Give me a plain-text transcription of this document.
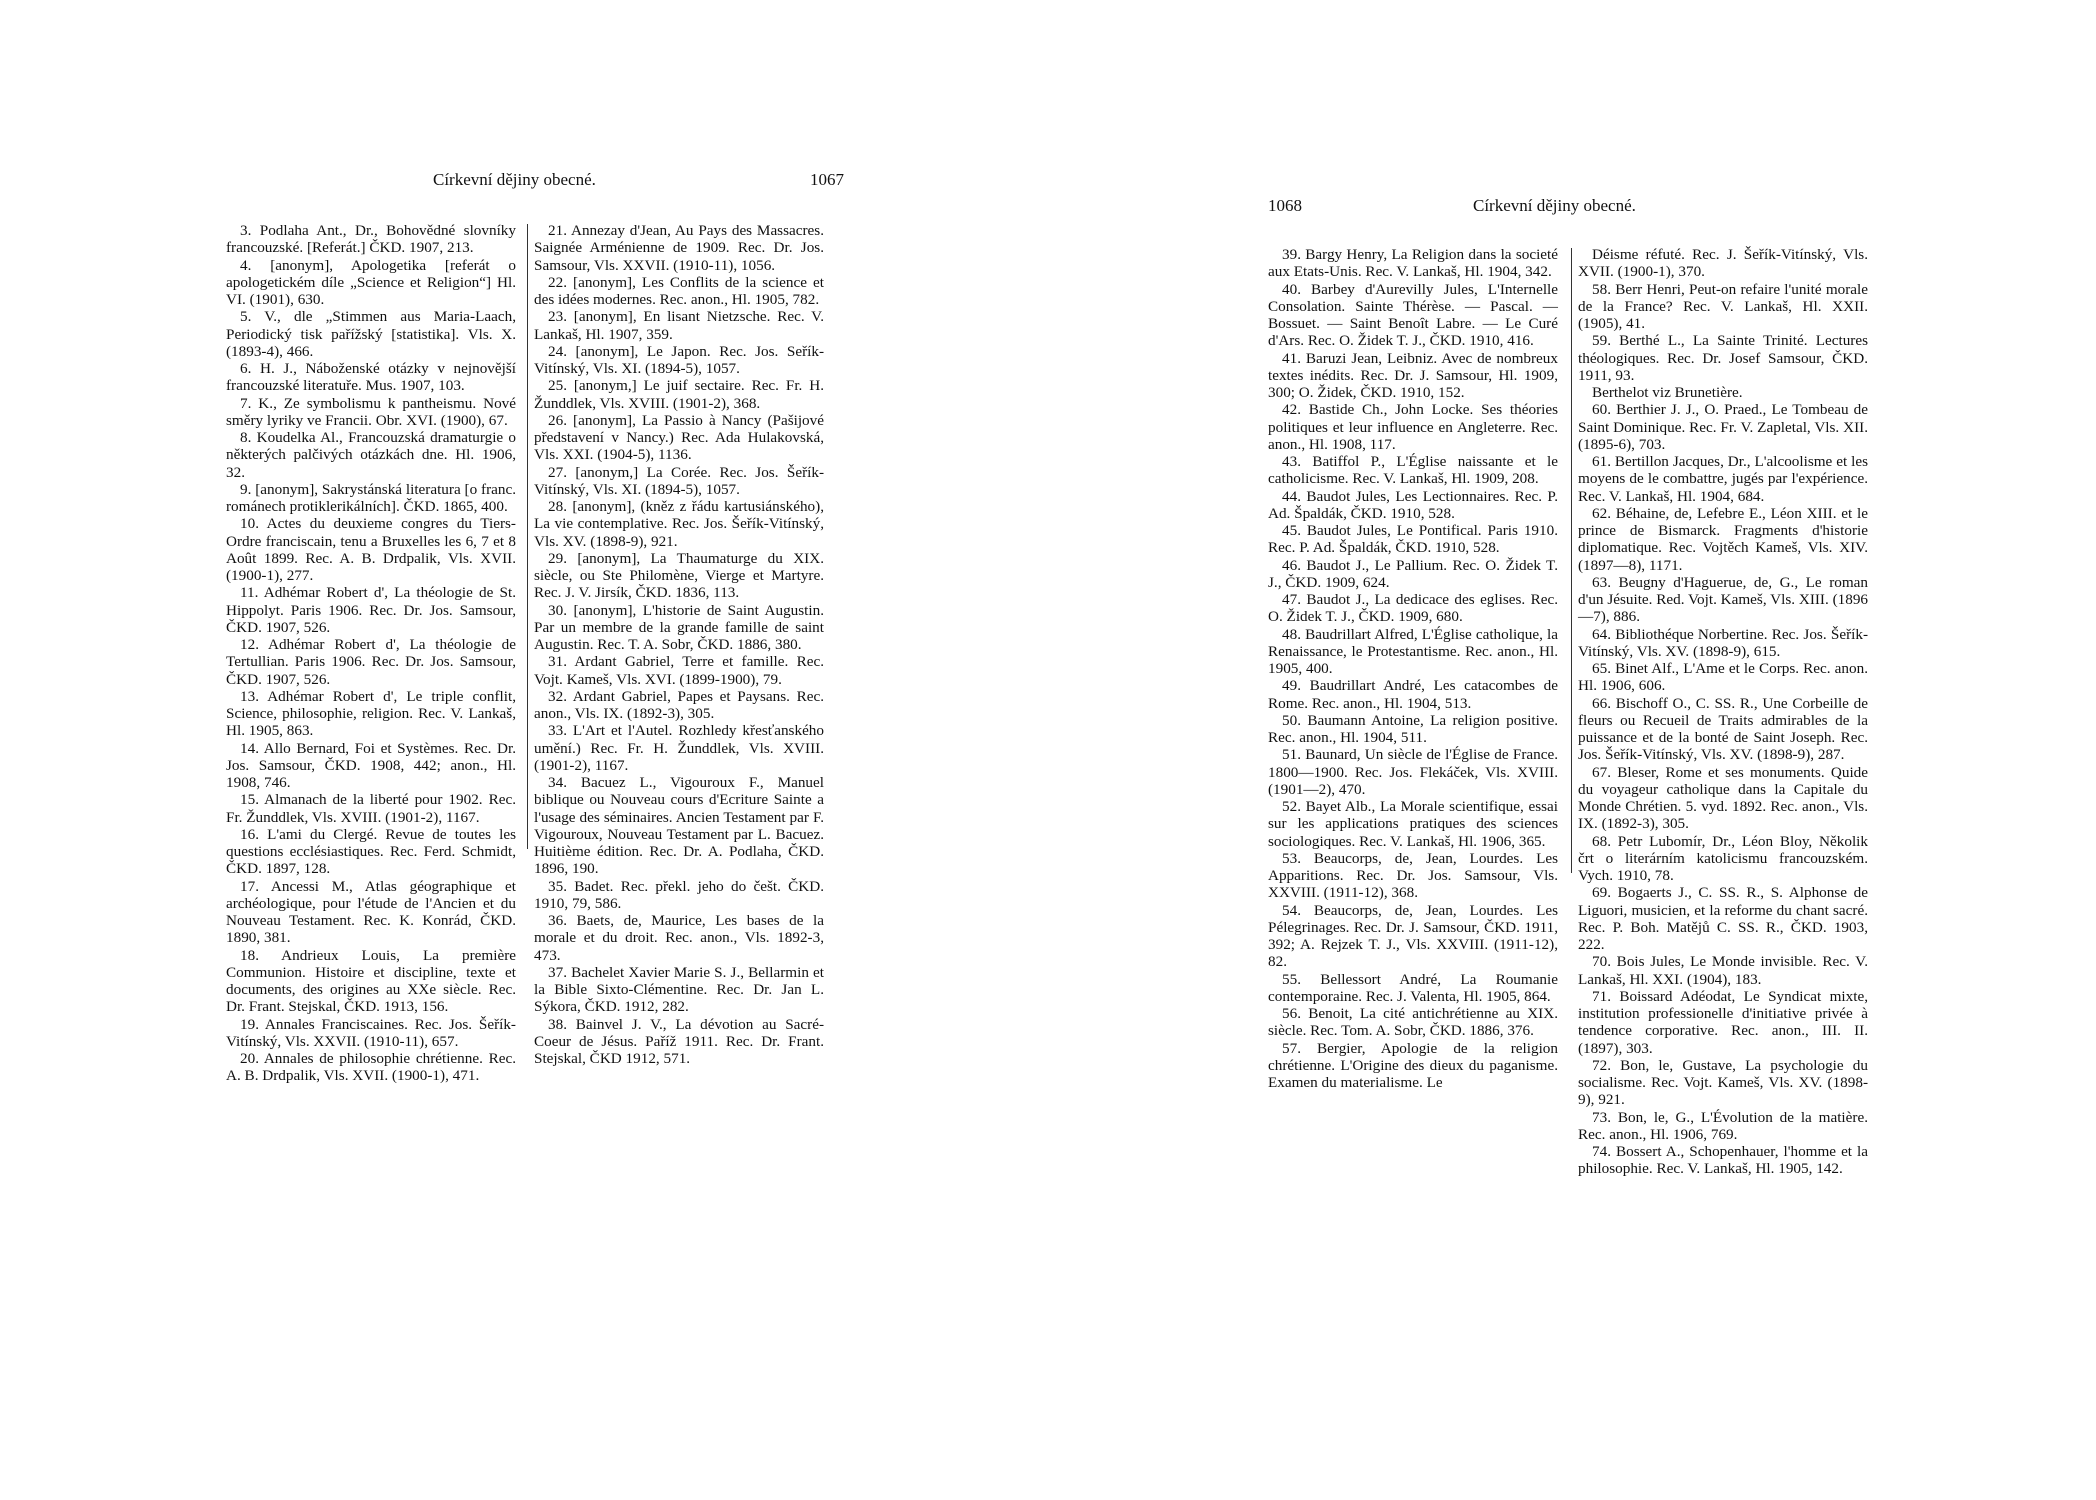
Církevní dějiny obecné.	1067

3. Podlaha Ant., Dr., Bohovědné slovníky francouzské. [Referát.] ČKD. 1907, 213.

4. [anonym], Apologetika [referát o apologetickém díle „Science et Religion“] Hl. VI. (1901), 630.

5. V., dle „Stimmen aus Maria-Laach, Periodický tisk pařížský [statistika]. Vls. X. (1893-4), 466.

6. H. J., Náboženské otázky v nejnovější francouzské literatuře. Mus. 1907, 103.

7. K., Ze symbolismu k pantheismu. Nové směry lyriky ve Francii. Obr. XVI. (1900), 67.

8. Koudelka Al., Francouzská dramaturgie o některých palčivých otázkách dne. Hl. 1906, 32.

9. [anonym], Sakrystánská literatura [o franc. románech protiklerikálních]. ČKD. 1865, 400.

10. Actes du deuxieme congres du Tiers-Ordre franciscain, tenu a Bruxelles les 6, 7 et 8 Août 1899. Rec. A. B. Drdpalik, Vls. XVII. (1900-1), 277.

11. Adhémar Robert d', La théologie de St. Hippolyt. Paris 1906. Rec. Dr. Jos. Samsour, ČKD. 1907, 526.

12. Adhémar Robert d', La théologie de Tertullian. Paris 1906. Rec. Dr. Jos. Samsour, ČKD. 1907, 526.

13. Adhémar Robert d', Le triple conflit, Science, philosophie, religion. Rec. V. Lankaš, Hl. 1905, 863.

14. Allo Bernard, Foi et Systèmes. Rec. Dr. Jos. Samsour, ČKD. 1908, 442; anon., Hl. 1908, 746.

15. Almanach de la liberté pour 1902. Rec. Fr. Žunddlek, Vls. XVIII. (1901-2), 1167.

16. L'ami du Clergé. Revue de toutes les questions ecclésiastiques. Rec. Ferd. Schmidt, ČKD. 1897, 128.

17. Ancessi M., Atlas géographique et archéologique, pour l'étude de l'Ancien et du Nouveau Testament. Rec. K. Konrád, ČKD. 1890, 381.

18. Andrieux Louis, La première Communion. Histoire et discipline, texte et documents, des origines au XXe siècle. Rec. Dr. Frant. Stejskal, ČKD. 1913, 156.

19. Annales Franciscaines. Rec. Jos. Šeřík-Vitínský, Vls. XXVII. (1910-11), 657.

20. Annales de philosophie chrétienne. Rec. A. B. Drdpalik, Vls. XVII. (1900-1), 471.

21. Annezay d'Jean, Au Pays des Massacres. Saignée Arménienne de 1909. Rec. Dr. Jos. Samsour, Vls. XXVII. (1910-11), 1056.

22. [anonym], Les Conflits de la science et des idées modernes. Rec. anon., Hl. 1905, 782.

23. [anonym], En lisant Nietzsche. Rec. V. Lankaš, Hl. 1907, 359.

24. [anonym], Le Japon. Rec. Jos. Seřík-Vitínský, Vls. XI. (1894-5), 1057.

25. [anonym,] Le juif sectaire. Rec. Fr. H. Žunddlek, Vls. XVIII. (1901-2), 368.

26. [anonym], La Passio à Nancy (Pašijové představení v Nancy.) Rec. Ada Hulakovská, Vls. XXI. (1904-5), 1136.

27. [anonym,] La Corée. Rec. Jos. Šeřík-Vitínský, Vls. XI. (1894-5), 1057.

28. [anonym], (kněz z řádu kartusiánského), La vie contemplative. Rec. Jos. Šeřík-Vitínský, Vls. XV. (1898-9), 921.

29. [anonym], La Thaumaturge du XIX. siècle, ou Ste Philomène, Vierge et Martyre. Rec. J. V. Jirsík, ČKD. 1836, 113.

30. [anonym], L'historie de Saint Augustin. Par un membre de la grande famille de saint Augustin. Rec. T. A. Sobr, ČKD. 1886, 380.

31. Ardant Gabriel, Terre et famille. Rec. Vojt. Kameš, Vls. XVI. (1899-1900), 79.

32. Ardant Gabriel, Papes et Paysans. Rec. anon., Vls. IX. (1892-3), 305.

33. L'Art et l'Autel. Rozhledy křesťanského umění.) Rec. Fr. H. Žunddlek, Vls. XVIII. (1901-2), 1167.

34. Bacuez L., Vigouroux F., Manuel biblique ou Nouveau cours d'Ecriture Sainte a l'usage des séminaires. Ancien Testament par F. Vigouroux, Nouveau Testament par L. Bacuez. Huitième édition. Rec. Dr. A. Podlaha, ČKD. 1896, 190.

35. Badet. Rec. překl. jeho do češt. ČKD. 1910, 79, 586.

36. Baets, de, Maurice, Les bases de la morale et du droit. Rec. anon., Vls. 1892-3, 473.

37. Bachelet Xavier Marie S. J., Bellarmin et la Bible Sixto-Clémentine. Rec. Dr. Jan L. Sýkora, ČKD. 1912, 282.

38. Bainvel J. V., La dévotion au Sacré-Coeur de Jésus. Paříž 1911. Rec. Dr. Frant. Stejskal, ČKD 1912, 571.

1068	Církevní dějiny obecné.

39. Bargy Henry, La Religion dans la societé aux Etats-Unis. Rec. V. Lankaš, Hl. 1904, 342.

40. Barbey d'Aurevilly Jules, L'Internelle Consolation. Sainte Thérèse. — Pascal. — Bossuet. — Saint Benoît Labre. — Le Curé d'Ars. Rec. O. Židek T. J., ČKD. 1910, 416.

41. Baruzi Jean, Leibniz. Avec de nombreux textes inédits. Rec. Dr. J. Samsour, Hl. 1909, 300; O. Židek, ČKD. 1910, 152.

42. Bastide Ch., John Locke. Ses théories politiques et leur influence en Angleterre. Rec. anon., Hl. 1908, 117.

43. Batiffol P., L'Église naissante et le catholicisme. Rec. V. Lankaš, Hl. 1909, 208.

44. Baudot Jules, Les Lectionnaires. Rec. P. Ad. Špaldák, ČKD. 1910, 528.

45. Baudot Jules, Le Pontifical. Paris 1910. Rec. P. Ad. Špaldák, ČKD. 1910, 528.

46. Baudot J., Le Pallium. Rec. O. Židek T. J., ČKD. 1909, 624.

47. Baudot J., La dedicace des eglises. Rec. O. Židek T. J., ČKD. 1909, 680.

48. Baudrillart Alfred, L'Église catholique, la Renaissance, le Protestantisme. Rec. anon., Hl. 1905, 400.

49. Baudrillart André, Les catacombes de Rome. Rec. anon., Hl. 1904, 513.

50. Baumann Antoine, La religion positive. Rec. anon., Hl. 1904, 511.

51. Baunard, Un siècle de l'Église de France. 1800—1900. Rec. Jos. Flekáček, Vls. XVIII. (1901—2), 470.

52. Bayet Alb., La Morale scientifique, essai sur les applications pratiques des sciences sociologiques. Rec. V. Lankaš, Hl. 1906, 365.

53. Beaucorps, de, Jean, Lourdes. Les Apparitions. Rec. Dr. Jos. Samsour, Vls. XXVIII. (1911-12), 368.

54. Beaucorps, de, Jean, Lourdes. Les Pélegrinages. Rec. Dr. J. Samsour, ČKD. 1911, 392; A. Rejzek T. J., Vls. XXVIII. (1911-12), 82.

55. Bellessort André, La Roumanie contemporaine. Rec. J. Valenta, Hl. 1905, 864.

56. Benoit, La cité antichrétienne au XIX. siècle. Rec. Tom. A. Sobr, ČKD. 1886, 376.

57. Bergier, Apologie de la religion chrétienne. L'Origine des dieux du paganisme. Examen du materialisme. Le

Déisme réfuté. Rec. J. Šeřík-Vitínský, Vls. XVII. (1900-1), 370.

58. Berr Henri, Peut-on refaire l'unité morale de la France? Rec. V. Lankaš, Hl. XXII. (1905), 41.

59. Berthé L., La Sainte Trinité. Lectures théologiques. Rec. Dr. Josef Samsour, ČKD. 1911, 93.

Berthelot viz Brunetière.

60. Berthier J. J., O. Praed., Le Tombeau de Saint Dominique. Rec. Fr. V. Zapletal, Vls. XII. (1895-6), 703.

61. Bertillon Jacques, Dr., L'alcoolisme et les moyens de le combattre, jugés par l'expérience. Rec. V. Lankaš, Hl. 1904, 684.

62. Béhaine, de, Lefebre E., Léon XIII. et le prince de Bismarck. Fragments d'historie diplomatique. Rec. Vojtěch Kameš, Vls. XIV. (1897—8), 1171.

63. Beugny d'Hagueruе, de, G., Le roman d'un Jésuite. Red. Vojt. Kameš, Vls. XIII. (1896—7), 886.

64. Bibliothéque Norbertine. Rec. Jos. Šeřík-Vitínský, Vls. XV. (1898-9), 615.

65. Binet Alf., L'Ame et le Corps. Rec. anon. Hl. 1906, 606.

66. Bischoff O., C. SS. R., Une Corbeille de fleurs ou Recueil de Traits admirables de la puissance et de la bonté de Saint Joseph. Rec. Jos. Šeřík-Vitínský, Vls. XV. (1898-9), 287.

67. Bleser, Rome et ses monuments. Quide du voyageur catholique dans la Capitale du Monde Chrétien. 5. vyd. 1892. Rec. anon., Vls. IX. (1892-3), 305.

68. Petr Lubomír, Dr., Léon Bloy, Několik črt o literárním katolicismu francouzském. Vych. 1910, 78.

69. Bogaerts J., C. SS. R., S. Alphonse de Liguori, musicien, et la reforme du chant sacré. Rec. P. Boh. Matějů C. SS. R., ČKD. 1903, 222.

70. Bois Jules, Le Monde invisible. Rec. V. Lankaš, Hl. XXI. (1904), 183.

71. Boissard Adéodat, Le Syndicat mixte, institution professionelle d'initiative privée à tendence corporative. Rec. anon., III. II. (1897), 303.

72. Bon, le, Gustave, La psychologie du socialisme. Rec. Vojt. Kameš, Vls. XV. (1898-9), 921.

73. Bon, le, G., L'Évolution de la matière. Rec. anon., Hl. 1906, 769.

74. Bossert A., Schopenhauer, l'homme et la philosophie. Rec. V. Lankaš, Hl. 1905, 142.
